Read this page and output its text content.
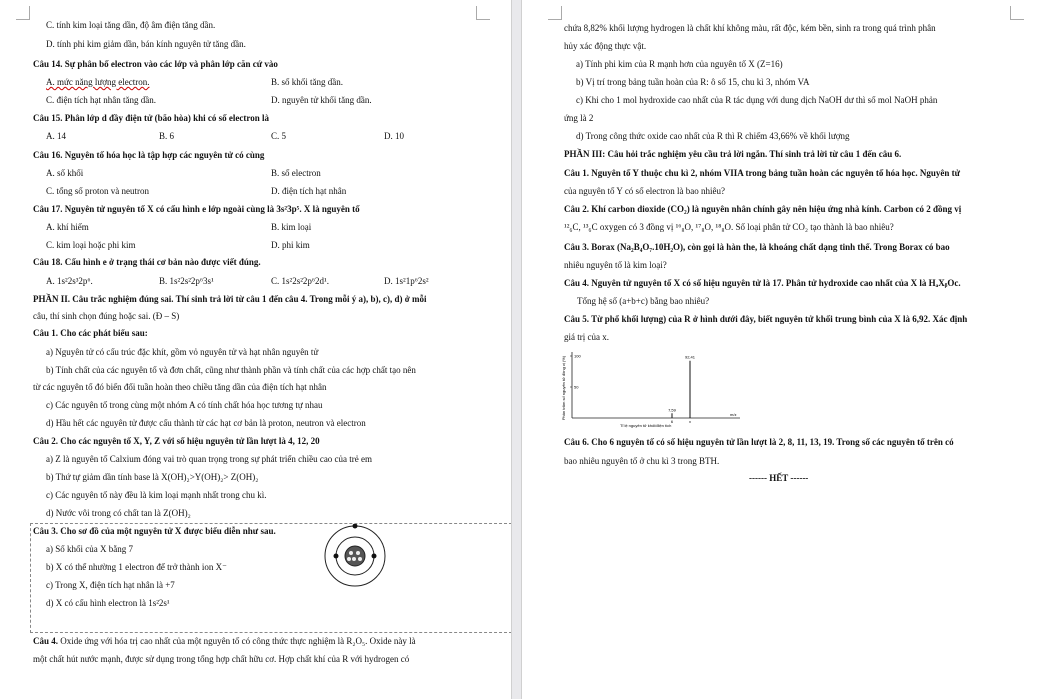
C. tính kim loại tăng dần, độ âm điện tăng dần.
D. tính phi kim giảm dần, bán kính nguyên tử tăng dần.
Câu 14. Sự phân bố electron vào các lớp và phân lớp căn cứ vào
A. mức năng lượng electron.	B. số khối tăng dần.
C. điện tích hạt nhân tăng dần.	D. nguyên tử khối tăng dần.
Câu 15. Phân lớp d đầy điện tử (bão hòa) khi có số electron là
A. 14	B. 6	C. 5	D. 10
Câu 16. Nguyên tố hóa học là tập hợp các nguyên tử có cùng
A. số khối	B. số electron
C. tổng số proton và neutron	D. điện tích hạt nhân
Câu 17. Nguyên tử nguyên tố X có cấu hình e lớp ngoài cùng là 3s²3p⁵. X là nguyên tố
A. khí hiếm	B. kim loại
C. kim loại hoặc phi kim	D. phi kim
Câu 18. Cấu hình e ở trạng thái cơ bản nào được viết đúng.
A. 1s²2s³2p⁶.	B. 1s²2s²2p⁶3s¹	C. 1s²2s²2p⁶2d¹.	D. 1s²1p⁶2s²
PHẦN II. Câu trắc nghiệm đúng sai. Thí sinh trả lời từ câu 1 đến câu 4. Trong mỗi ý a), b), c), d) ở mỗi
câu, thí sinh chọn đúng hoặc sai. (Đ – S)
Câu 1. Cho các phát biểu sau:
a) Nguyên tử có cấu trúc đặc khít, gồm vỏ nguyên tử và hạt nhân nguyên tử
b) Tính chất của các nguyên tố và đơn chất, cũng như thành phần và tính chất của các hợp chất tạo nên
từ các nguyên tố đó biến đổi tuần hoàn theo chiều tăng dần của điện tích hạt nhân
c) Các nguyên tố trong cùng một nhóm A có tính chất hóa học tương tự nhau
d) Hầu hết các nguyên tử được cấu thành từ các hạt cơ bản là proton, neutron và electron
Câu 2. Cho các nguyên tố X, Y, Z với số hiệu nguyên tử lần lượt là 4, 12, 20
a) Z là nguyên tố Calxium đóng vai trò quan trọng trong sự phát triển chiều cao của trẻ em
b) Thứ tự giảm dần tính base là X(OH)₂>Y(OH)₂> Z(OH)₂
c) Các nguyên tố này đều là kim loại mạnh nhất trong chu kì.
d) Nước vôi trong có chất tan là Z(OH)₂
Câu 3. Cho sơ đồ của một nguyên tử X được biểu diễn như sau.
a) Số khối của X bằng 7
b) X có thể nhường 1 electron để trở thành ion X⁻
c) Trong X, điện tích hạt nhân là +7
d) X có cấu hình electron là 1s²2s¹
Câu 4. Oxide ứng với hóa trị cao nhất của một nguyên tố có công thức thực nghiệm là R₂O₅. Oxide này là
một chất hút nước mạnh, được sử dụng trong tổng hợp chất hữu cơ. Hợp chất khí của R với hydrogen có
chứa 8,82% khối lượng hydrogen là chất khí không màu, rất độc, kém bền, sinh ra trong quá trình phân
hủy xác động thực vật.
a) Tính phi kim của R mạnh hơn của nguyên tố X (Z=16)
b) Vị trí trong bảng tuần hoàn của R: ô số 15, chu kì 3, nhóm VA
c) Khi cho 1 mol hydroxide cao nhất của R tác dụng với dung dịch NaOH dư thì số mol NaOH phản
ứng là 2
d) Trong công thức oxide cao nhất của R thì R chiếm 43,66% về khối lượng
PHẦN III: Câu hỏi trắc nghiệm yêu cầu trả lời ngắn. Thí sinh trả lời từ câu 1 đến câu 6.
Câu 1. Nguyên tố Y thuộc chu kì 2, nhóm VIIA trong bảng tuần hoàn các nguyên tố hóa học. Nguyên tử
của nguyên tố Y có số electron là bao nhiêu?
Câu 2. Khí carbon dioxide (CO₂) là nguyên nhân chính gây nên hiệu ứng nhà kính. Carbon có 2 đồng vị
¹²₆C, ¹³₆C oxygen có 3 đồng vị ¹⁶₈O, ¹⁷₈O, ¹⁸₈O. Số loại phân tử CO₂ tạo thành là bao nhiêu?
Câu 3. Borax (Na₂B₄O₇.10H₂O), còn gọi là hàn the, là khoáng chất dạng tinh thể. Trong Borax có bao
nhiêu nguyên tố là kim loại?
Câu 4. Nguyên tử nguyên tố X có số hiệu nguyên tử là 17. Phân tử hydroxide cao nhất của X là HₐXᵦOc.
Tổng hệ số (a+b+c) bằng bao nhiêu?
Câu 5. Từ phổ khối lượng) của R ở hình dưới đây, biết nguyên tử khối trung bình của X là 6,92. Xác định
giá trị của x.
Phần trăm số nguyên tử đồng vị (%) 100
50
7,59
6
92,41
x
Tỉ lệ nguyên tử khối/điện tích
m/z
Câu 6. Cho 6 nguyên tố có số hiệu nguyên tử lần lượt là 2, 8, 11, 13, 19. Trong số các nguyên tố trên có
bao nhiêu nguyên tố ở chu kì 3 trong BTH.
------ HẾT ------
